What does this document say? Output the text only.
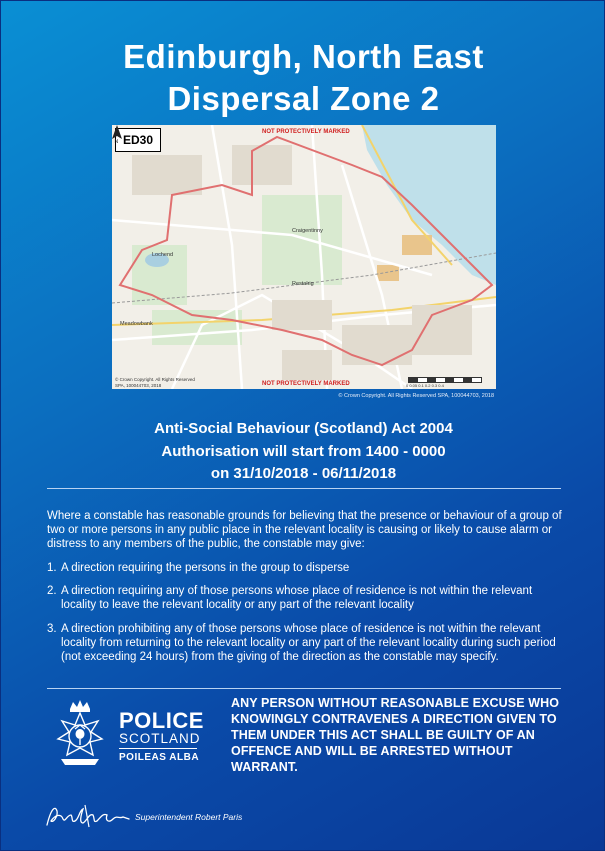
Edinburgh, North East
Dispersal Zone 2
ED30
NOT PROTECTIVELY MARKED
NOT PROTECTIVELY MARKED
Craigentinny
Restalrig
Lochend
Meadowbank
© Crown Copyright. All Rights Reserved SPA, 100044703, 2018	0 0.05 0.1 0.2 0.3 0.4
N
© Crown Copyright. All Rights Reserved SPA, 100044703, 2018
Anti-Social Behaviour (Scotland) Act 2004
Authorisation will start from 1400 - 0000
on 31/10/2018 - 06/11/2018
Where a constable has reasonable grounds for believing that the presence or behaviour of a group of two or more persons in any public place in the relevant locality is causing or likely to cause alarm or distress to any members of the public, the constable may give:
1. A direction requiring the persons in the group to disperse
2. A direction requiring any of those persons whose place of residence is not within the relevant locality to leave the relevant locality or any part of the relevant locality
3. A direction prohibiting any of those persons whose place of residence is not within the relevant locality from returning to the relevant locality or any part of the relevant locality during such period (not exceeding 24 hours) from the giving of the direction as the constable may specify.
POLICE
SCOTLAND
POILEAS ALBA
ANY PERSON WITHOUT REASONABLE EXCUSE WHO KNOWINGLY CONTRAVENES A DIRECTION GIVEN TO THEM UNDER THIS ACT SHALL BE GUILTY OF AN OFFENCE AND WILL BE ARRESTED WITHOUT WARRANT.
Superintendent Robert Paris
